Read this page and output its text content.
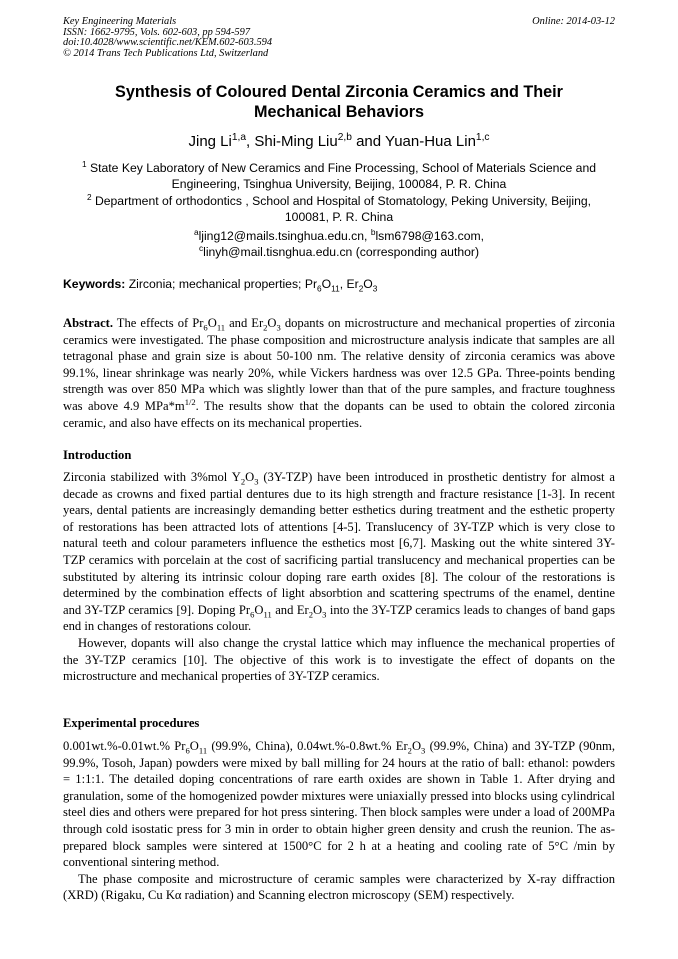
Key Engineering Materials
ISSN: 1662-9795, Vols. 602-603, pp 594-597
doi:10.4028/www.scientific.net/KEM.602-603.594
© 2014 Trans Tech Publications Ltd, Switzerland
Online: 2014-03-12
Synthesis of Coloured Dental Zirconia Ceramics and Their
Mechanical Behaviors
Jing Li$^{1,a}$, Shi-Ming Liu$^{2,b}$ and Yuan-Hua Lin$^{1,c}$
$^1$ State Key Laboratory of New Ceramics and Fine Processing, School of Materials Science and
Engineering, Tsinghua University, Beijing, 100084, P. R. China
$^2$ Department of orthodontics , School and Hospital of Stomatology, Peking University, Beijing,
100081, P. R. China
$^a$ljing12@mails.tsinghua.edu.cn, $^b$lsm6798@163.com,
$^c$linyh@mail.tisnghua.edu.cn (corresponding author)
Keywords: Zirconia; mechanical properties; $Pr_6O_{11}$, $Er_2O_3$

Abstract. The effects of $Pr_6O_{11}$ and $Er_2O_3$ dopants on microstructure and mechanical properties of zirconia ceramics were investigated. The phase composition and microstructure analysis indicate that samples are all tetragonal phase and grain size is about 50-100 nm. The relative density of zirconia ceramics was above 99.1%, linear shrinkage was nearly 20%, while Vickers hardness was over 12.5 GPa. Three-points bending strength was over 850 MPa which was slightly lower than that of the pure samples, and fracture toughness was above 4.9 $MPa*m^{1/2}$. The results show that the dopants can be used to obtain the colored zirconia ceramic, and also have effects on its mechanical properties.

Introduction

Zirconia stabilized with 3%mol $Y_2O_3$ (3Y-TZP) have been introduced in prosthetic dentistry for almost a decade as crowns and fixed partial dentures due to its high strength and fracture resistance [1-3]. In recent years, dental patients are increasingly demanding better esthetics during treatment and the esthetic property of restorations has been attracted lots of attentions [4-5]. Translucency of 3Y-TZP which is very close to natural teeth and colour parameters influence the esthetics most [6,7]. Masking out the white sintered 3Y-TZP ceramics with porcelain at the cost of sacrificing partial translucency and mechanical properties can be substituted by altering its intrinsic colour doping rare earth oxides [8]. The colour of the restorations is determined by the combination effects of light absorbtion and scattering spectrums of the enamel, dentine and 3Y-TZP ceramics [9]. Doping $Pr_6O_{11}$ and $Er_2O_3$ into the 3Y-TZP ceramics leads to changes of band gaps end in changes of restorations colour.

However, dopants will also change the crystal lattice which may influence the mechanical properties of the 3Y-TZP ceramics [10]. The objective of this work is to investigate the effect of dopants on the microstructure and mechanical properties of 3Y-TZP ceramics.

Experimental procedures

0.001wt.%-0.01wt.% $Pr_6O_{11}$ (99.9%, China), 0.04wt.%-0.8wt.% $Er_2O_3$ (99.9%, China) and 3Y-TZP (90nm, 99.9%, Tosoh, Japan) powders were mixed by ball milling for 24 hours at the ratio of ball: ethanol: powders = 1:1:1. The detailed doping concentrations of rare earth oxides are shown in Table 1. After drying and granulation, some of the homogenized powder mixtures were uniaxially pressed into blocks using cylindrical steel dies and others were prepared for hot press sintering. Then block samples were under a load of 200MPa through cold isostatic press for 3 min in order to obtain higher green density and crush the reunion. The as-prepared block samples were sintered at 1500°C for 2 h at a heating and cooling rate of 5°C /min by conventional sintering method.

The phase composite and microstructure of ceramic samples were characterized by X-ray diffraction (XRD) (Rigaku, Cu Kα radiation) and Scanning electron microscopy (SEM) respectively.
